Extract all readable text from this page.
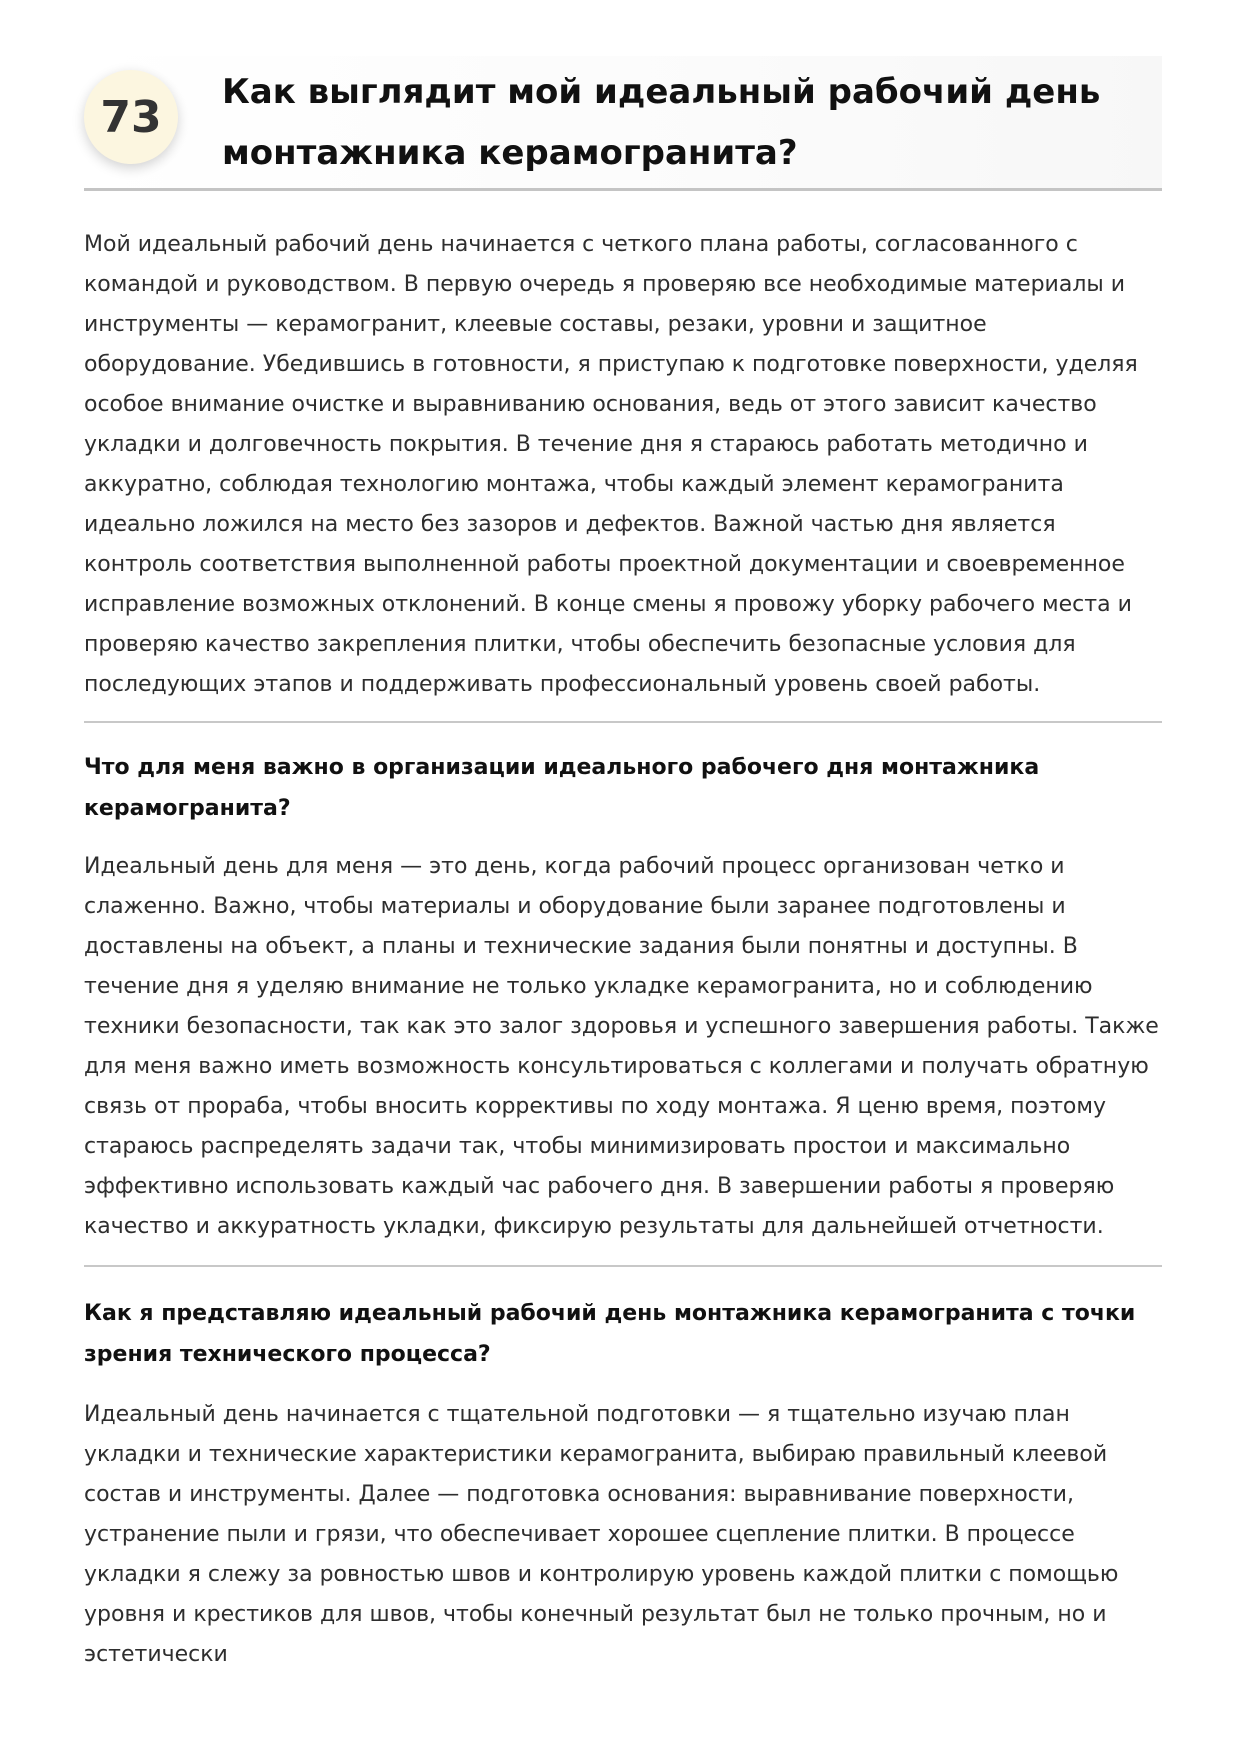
73	Как выглядит мой идеальный рабочий день монтажника керамогранита?

Мой идеальный рабочий день начинается с четкого плана работы, согласованного с командой и руководством. В первую очередь я проверяю все необходимые материалы и инструменты — керамогранит, клеевые составы, резаки, уровни и защитное оборудование. Убедившись в готовности, я приступаю к подготовке поверхности, уделяя особое внимание очистке и выравниванию основания, ведь от этого зависит качество укладки и долговечность покрытия. В течение дня я стараюсь работать методично и аккуратно, соблюдая технологию монтажа, чтобы каждый элемент керамогранита идеально ложился на место без зазоров и дефектов. Важной частью дня является контроль соответствия выполненной работы проектной документации и своевременное исправление возможных отклонений. В конце смены я провожу уборку рабочего места и проверяю качество закрепления плитки, чтобы обеспечить безопасные условия для последующих этапов и поддерживать профессиональный уровень своей работы.

Что для меня важно в организации идеального рабочего дня монтажника керамогранита?

Идеальный день для меня — это день, когда рабочий процесс организован четко и слаженно. Важно, чтобы материалы и оборудование были заранее подготовлены и доставлены на объект, а планы и технические задания были понятны и доступны. В течение дня я уделяю внимание не только укладке керамогранита, но и соблюдению техники безопасности, так как это залог здоровья и успешного завершения работы. Также для меня важно иметь возможность консультироваться с коллегами и получать обратную связь от прораба, чтобы вносить коррективы по ходу монтажа. Я ценю время, поэтому стараюсь распределять задачи так, чтобы минимизировать простои и максимально эффективно использовать каждый час рабочего дня. В завершении работы я проверяю качество и аккуратность укладки, фиксирую результаты для дальнейшей отчетности.

Как я представляю идеальный рабочий день монтажника керамогранита с точки зрения технического процесса?

Идеальный день начинается с тщательной подготовки — я тщательно изучаю план укладки и технические характеристики керамогранита, выбираю правильный клеевой состав и инструменты. Далее — подготовка основания: выравнивание поверхности, устранение пыли и грязи, что обеспечивает хорошее сцепление плитки. В процессе укладки я слежу за ровностью швов и контролирую уровень каждой плитки с помощью уровня и крестиков для швов, чтобы конечный результат был не только прочным, но и эстетически
